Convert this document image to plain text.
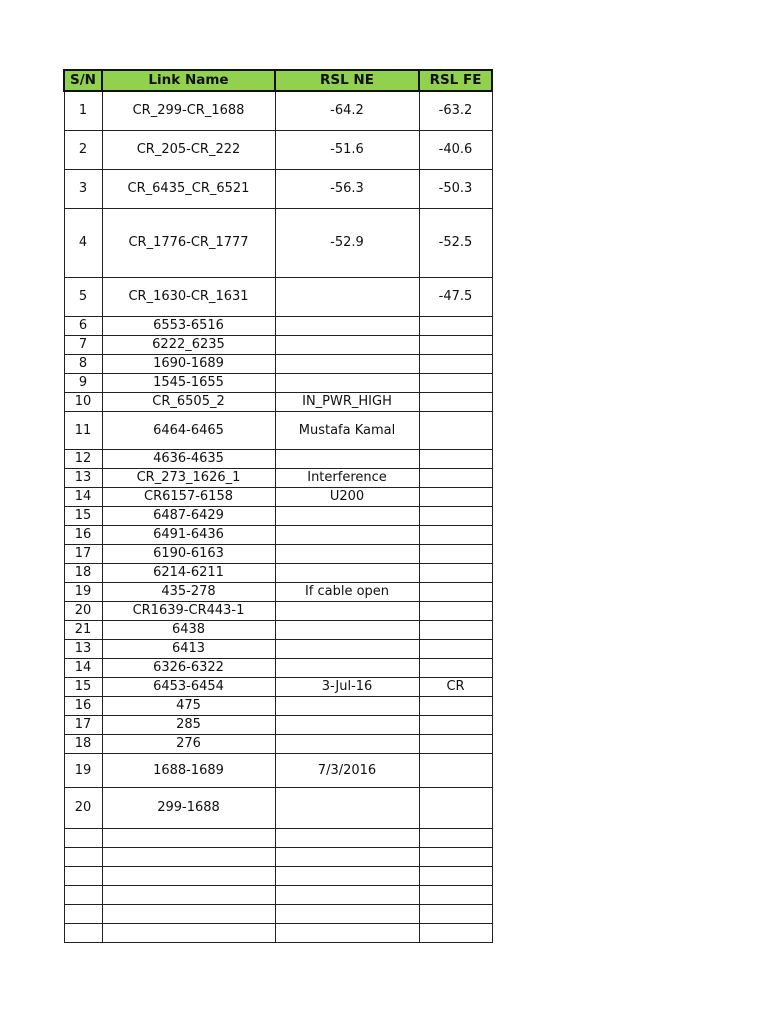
S/N	Link Name	RSL NE	RSL FE
1	CR_299-CR_1688	-64.2	-63.2
2	CR_205-CR_222	-51.6	-40.6
3	CR_6435_CR_6521	-56.3	-50.3
4	CR_1776-CR_1777	-52.9	-52.5
5	CR_1630-CR_1631		-47.5
6	6553-6516		
7	6222_6235		
8	1690-1689		
9	1545-1655		
10	CR_6505_2	IN_PWR_HIGH	
11	6464-6465	Mustafa Kamal	
12	4636-4635		
13	CR_273_1626_1	Interference	
14	CR6157-6158	U200	
15	6487-6429		
16	6491-6436		
17	6190-6163		
18	6214-6211		
19	435-278	If cable open	
20	CR1639-CR443-1		
21	6438		
13	6413		
14	6326-6322		
15	6453-6454	3-Jul-16	CR
16	475		
17	285		
18	276		
19	1688-1689	7/3/2016	
20	299-1688		
